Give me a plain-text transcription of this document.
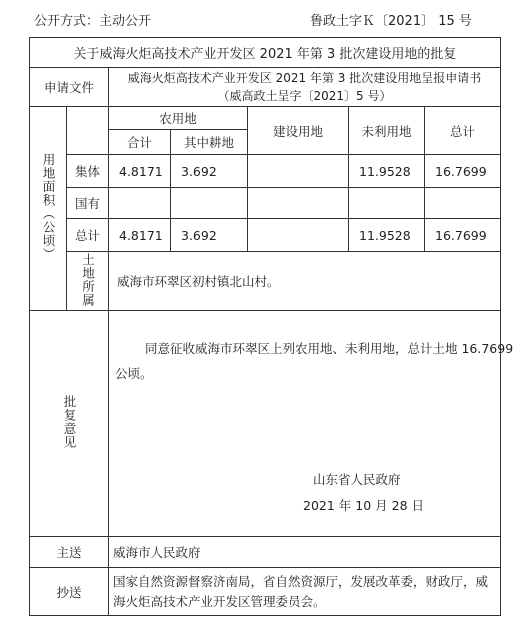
公开方式：主动公开	鲁政土字Ｋ〔2021〕 15 号
关于威海火炬高技术产业开发区 2021 年第 3 批次建设用地的批复						
申请文件		威海火炬高技术产业开发区 2021 年第 3 批次建设用地呈报申请书
（威高政土呈字〔2021〕5 号）				

用地面积（公顷）		农用地		建设用地	未利用地	总计
		合计	其中耕地			
	集体	4.8171	3.692		11.9528	16.7699
	国有					
	总计	4.8171	3.692		11.9528	16.7699
	土地所属	威海市环翠区初村镇北山村。				
批复意见		同意征收威海市环翠区上列农用地、未利用地，总计土地 16.7699
公顷。
山东省人民政府
2021 年 10 月 28 日				

主送		威海市人民政府				
抄送		国家自然资源督察济南局，省自然资源厅，发展改革委，财政厅，威
海火炬高技术产业开发区管理委员会。				
